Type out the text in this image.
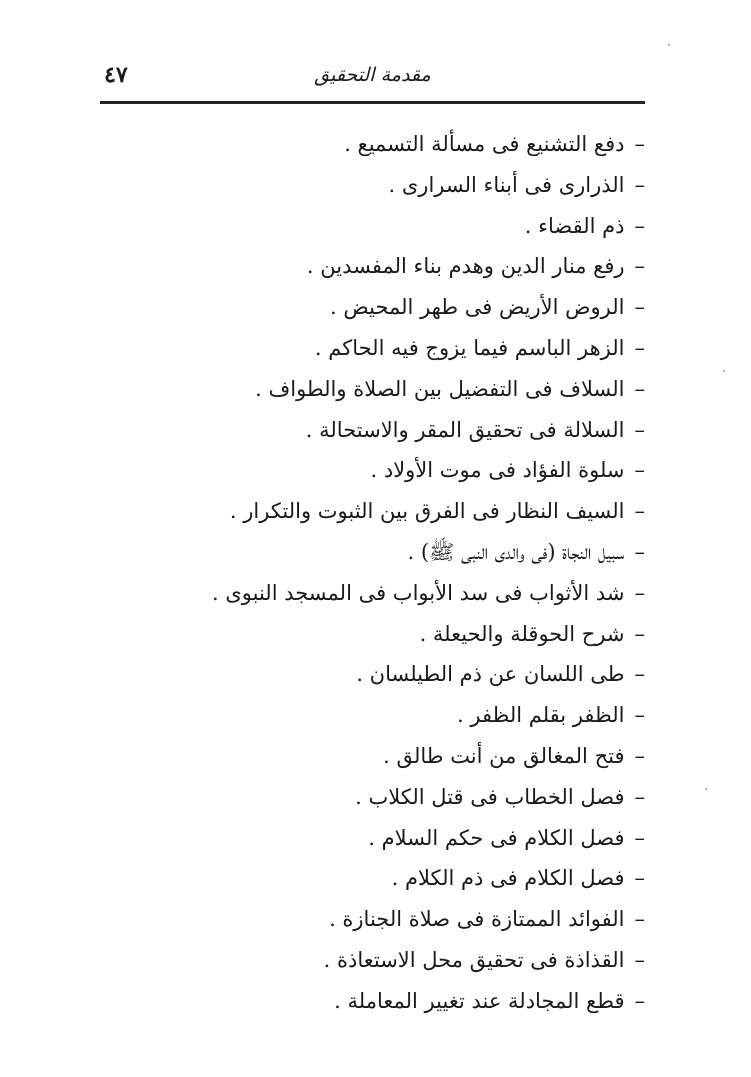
٤٧	مقدمة التحقيق
–دفع التشنيع فى مسألة التسميع .
–الذرارى فى أبناء السرارى .
–ذم القضاء .
–رفع منار الدين وهدم بناء المفسدين .
–الروض الأريض فى طهر المحيض .
–الزهر الباسم فيما يزوج فيه الحاكم .
–السلاف فى التفضيل بين الصلاة والطواف .
–السلالة فى تحقيق المقر والاستحالة .
–سلوة الفؤاد فى موت الأولاد .
–السيف النظار فى الفرق بين الثبوت والتكرار .
–سبيل النجاة (فى والدى النبى ﷺ) .
–شد الأثواب فى سد الأبواب فى المسجد النبوى .
–شرح الحوقلة والحيعلة .
–طى اللسان عن ذم الطيلسان .
–الظفر بقلم الظفر .
–فتح المغالق من أنت طالق .
–فصل الخطاب فى قتل الكلاب .
–فصل الكلام فى حكم السلام .
–فصل الكلام فى ذم الكلام .
–الفوائد الممتازة فى صلاة الجنازة .
–القذاذة فى تحقيق محل الاستعاذة .
–قطع المجادلة عند تغيير المعاملة .
